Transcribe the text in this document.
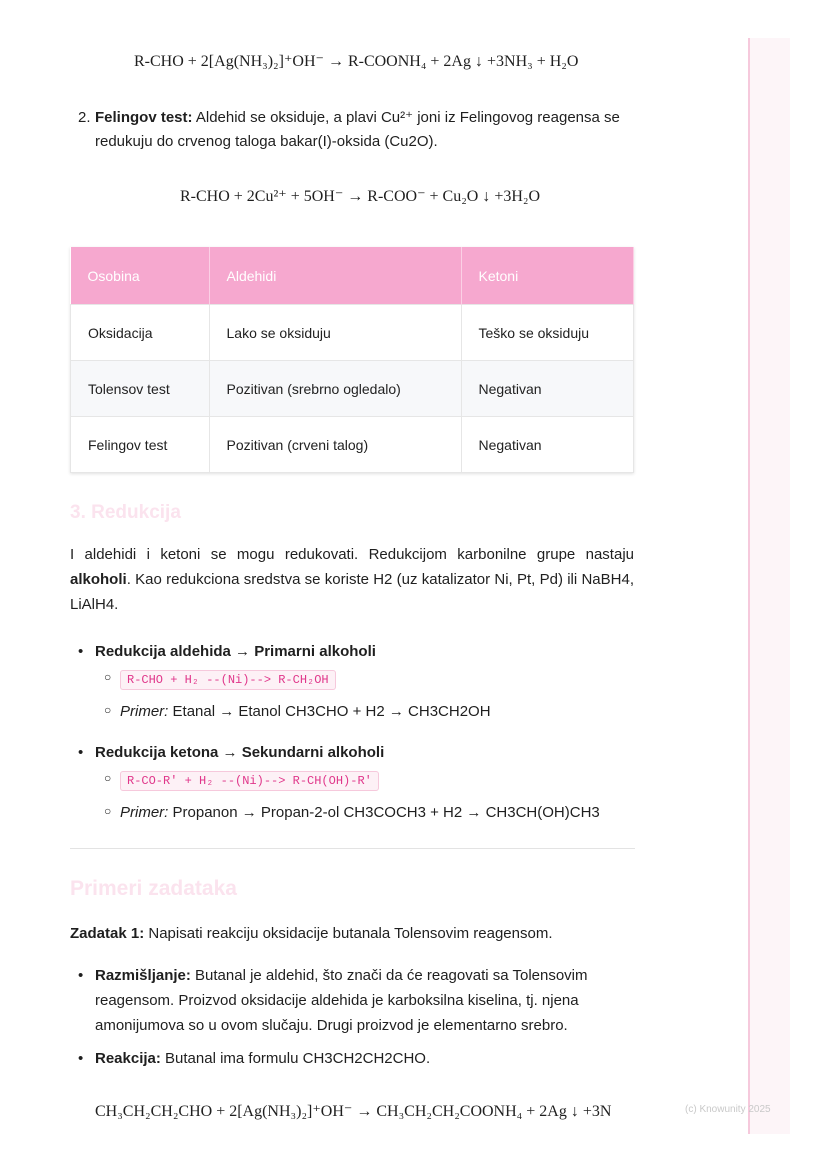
(c) Knowunity 2025
R-CHO + 2[Ag(NH₃)₂]⁺OH⁻ → R-COONH₄ + 2Ag ↓ +3NH₃ + H₂O
2. Felingov test: Aldehid se oksiduje, a plavi Cu²⁺ joni iz Felingovog reagensa se redukuju do crvenog taloga bakar(I)-oksida (Cu2O).
R-CHO + 2Cu²⁺ + 5OH⁻ → R-COO⁻ + Cu₂O ↓ +3H₂O
Osobina	Aldehidi	Ketoni
Oksidacija	Lako se oksiduju	Teško se oksiduju
Tolensov test	Pozitivan (srebrno ogledalo)	Negativan
Felingov test	Pozitivan (crveni talog)	Negativan
3. Redukcija
I aldehidi i ketoni se mogu redukovati. Redukcijom karbonilne grupe nastaju alkoholi. Kao redukciona sredstva se koriste H2 (uz katalizator Ni, Pt, Pd) ili NaBH4, LiAlH4.
• Redukcija aldehida → Primarni alkoholi
○ R-CHO + H₂ --(Ni)--> R-CH₂OH
○ Primer: Etanal → Etanol CH3CHO + H2 → CH3CH2OH
• Redukcija ketona → Sekundarni alkoholi
○ R-CO-R' + H₂ --(Ni)--> R-CH(OH)-R'
○ Primer: Propanon → Propan-2-ol CH3COCH3 + H2 → CH3CH(OH)CH3
Primeri zadataka
Zadatak 1: Napisati reakciju oksidacije butanala Tolensovim reagensom.
• Razmišljanje: Butanal je aldehid, što znači da će reagovati sa Tolensovim reagensom. Proizvod oksidacije aldehida je karboksilna kiselina, tj. njena amonijumova so u ovom slučaju. Drugi proizvod je elementarno srebro.
• Reakcija: Butanal ima formulu CH3CH2CH2CHO.
CH₃CH₂CH₂CHO + 2[Ag(NH₃)₂]⁺OH⁻ → CH₃CH₂CH₂COONH₄ + 2Ag ↓ +3N
